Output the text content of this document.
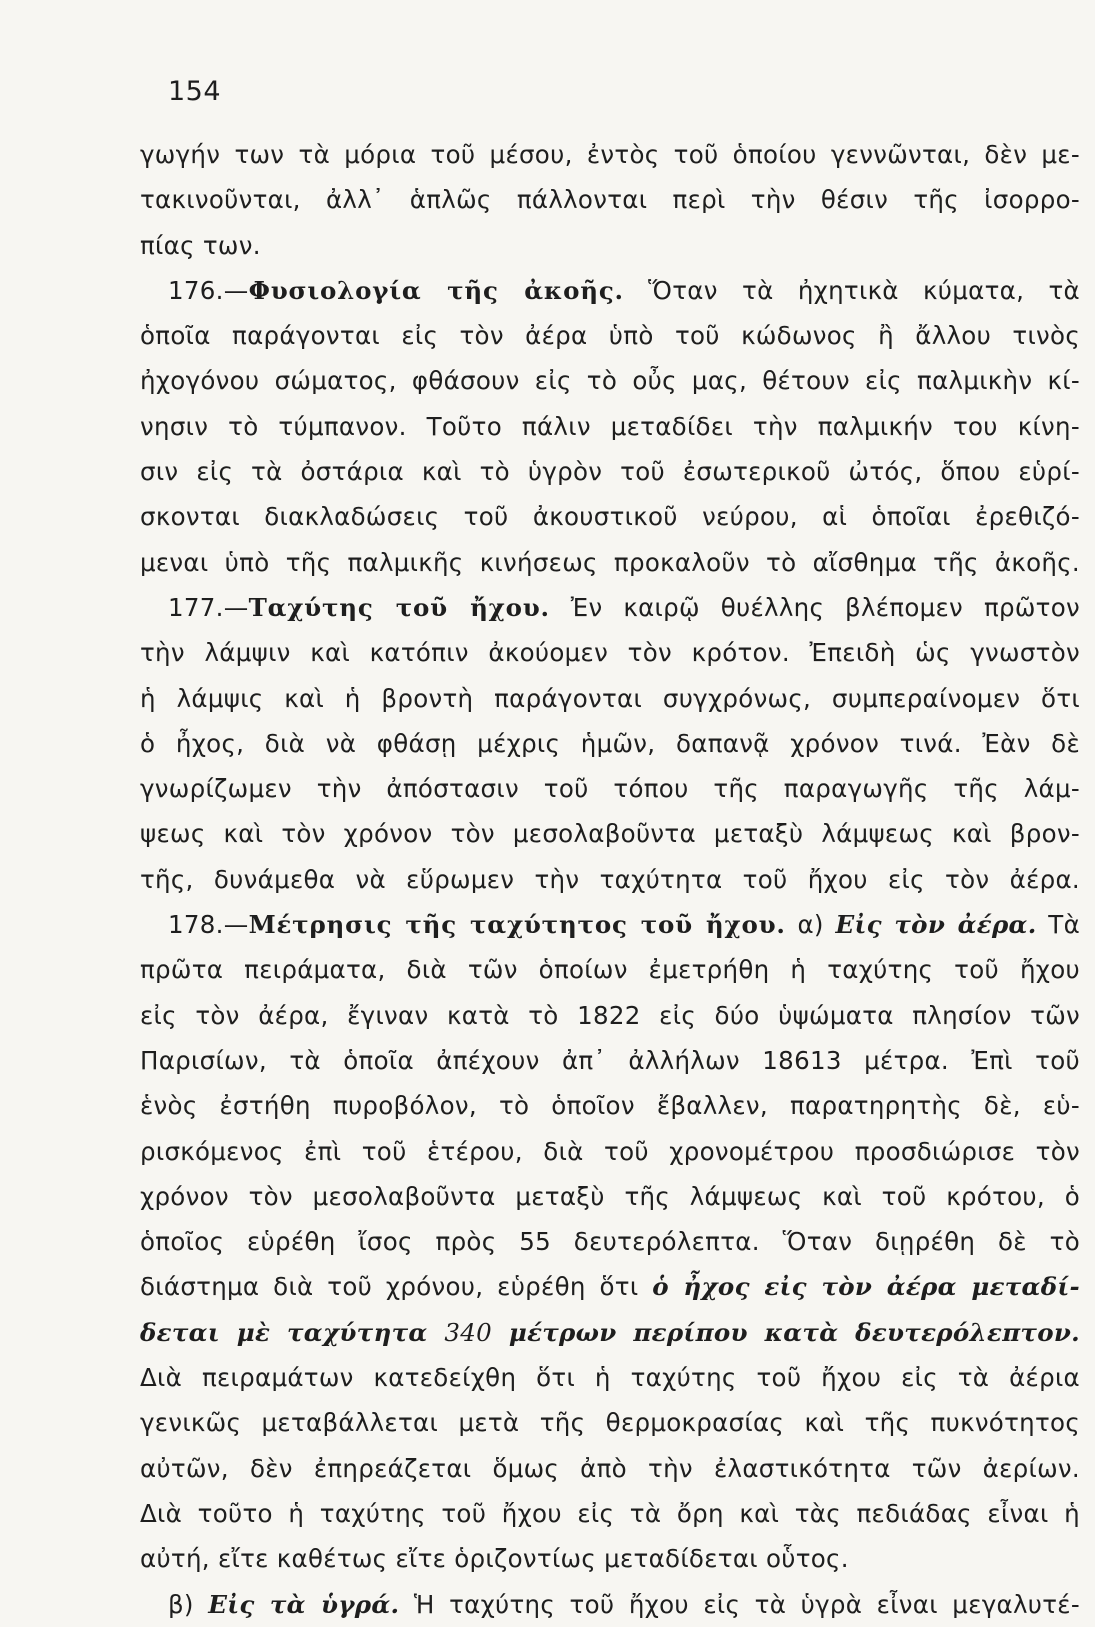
154
γωγήν των τὰ μόρια τοῦ μέσου, ἐντὸς τοῦ ὁποίου γεννῶνται, δὲν με-
τακινοῦνται, ἀλλ᾽ ἁπλῶς πάλλονται περὶ τὴν θέσιν τῆς ἰσορρο-
πίας των.
176.—Φυσιολογία τῆς ἀκοῆς. Ὅταν τὰ ἠχητικὰ κύματα, τὰ
ὁποῖα παράγονται εἰς τὸν ἀέρα ὑπὸ τοῦ κώδωνος ἢ ἄλλου τινὸς
ἠχογόνου σώματος, φθάσουν εἰς τὸ οὖς μας, θέτουν εἰς παλμικὴν κί-
νησιν τὸ τύμπανον. Τοῦτο πάλιν μεταδίδει τὴν παλμικήν του κίνη-
σιν εἰς τὰ ὀστάρια καὶ τὸ ὑγρὸν τοῦ ἐσωτερικοῦ ὠτός, ὅπου εὑρί-
σκονται διακλαδώσεις τοῦ ἀκουστικοῦ νεύρου, αἱ ὁποῖαι ἐρεθιζό-
μεναι ὑπὸ τῆς παλμικῆς κινήσεως προκαλοῦν τὸ αἴσθημα τῆς ἀκοῆς.
177.—Ταχύτης τοῦ ἤχου. Ἐν καιρῷ θυέλλης βλέπομεν πρῶτον
τὴν λάμψιν καὶ κατόπιν ἀκούομεν τὸν κρότον. Ἐπειδὴ ὡς γνωστὸν
ἡ λάμψις καὶ ἡ βροντὴ παράγονται συγχρόνως, συμπεραίνομεν ὅτι
ὁ ἦχος, διὰ νὰ φθάσῃ μέχρις ἡμῶν, δαπανᾷ χρόνον τινά. Ἐὰν δὲ
γνωρίζωμεν τὴν ἀπόστασιν τοῦ τόπου τῆς παραγωγῆς τῆς λάμ-
ψεως καὶ τὸν χρόνον τὸν μεσολαβοῦντα μεταξὺ λάμψεως καὶ βρον-
τῆς, δυνάμεθα νὰ εὕρωμεν τὴν ταχύτητα τοῦ ἤχου εἰς τὸν ἀέρα.
178.—Μέτρησις τῆς ταχύτητος τοῦ ἤχου. α) Εἰς τὸν ἀέρα. Τὰ
πρῶτα πειράματα, διὰ τῶν ὁποίων ἐμετρήθη ἡ ταχύτης τοῦ ἤχου
εἰς τὸν ἀέρα, ἔγιναν κατὰ τὸ 1822 εἰς δύο ὑψώματα πλησίον τῶν
Παρισίων, τὰ ὁποῖα ἀπέχουν ἀπ᾽ ἀλλήλων 18613 μέτρα. Ἐπὶ τοῦ
ἑνὸς ἐστήθη πυροβόλον, τὸ ὁποῖον ἔβαλλεν, παρατηρητὴς δὲ, εὑ-
ρισκόμενος ἐπὶ τοῦ ἑτέρου, διὰ τοῦ χρονομέτρου προσδιώρισε τὸν
χρόνον τὸν μεσολαβοῦντα μεταξὺ τῆς λάμψεως καὶ τοῦ κρότου, ὁ
ὁποῖος εὑρέθη ἴσος πρὸς 55 δευτερόλεπτα. Ὅταν διῃρέθη δὲ τὸ
διάστημα διὰ τοῦ χρόνου, εὑρέθη ὅτι ὁ ἦχος εἰς τὸν ἀέρα μεταδί-
δεται μὲ ταχύτητα 340 μέτρων περίπου κατὰ δευτερόλεπτον.
Διὰ πειραμάτων κατεδείχθη ὅτι ἡ ταχύτης τοῦ ἤχου εἰς τὰ ἀέρια
γενικῶς μεταβάλλεται μετὰ τῆς θερμοκρασίας καὶ τῆς πυκνότητος
αὐτῶν, δὲν ἐπηρεάζεται ὅμως ἀπὸ τὴν ἐλαστικότητα τῶν ἀερίων.
Διὰ τοῦτο ἡ ταχύτης τοῦ ἤχου εἰς τὰ ὄρη καὶ τὰς πεδιάδας εἶναι ἡ
αὐτή, εἴτε καθέτως εἴτε ὁριζοντίως μεταδίδεται οὗτος.
β) Εἰς τὰ ὑγρά. Ἡ ταχύτης τοῦ ἤχου εἰς τὰ ὑγρὰ εἶναι μεγαλυτέ-
